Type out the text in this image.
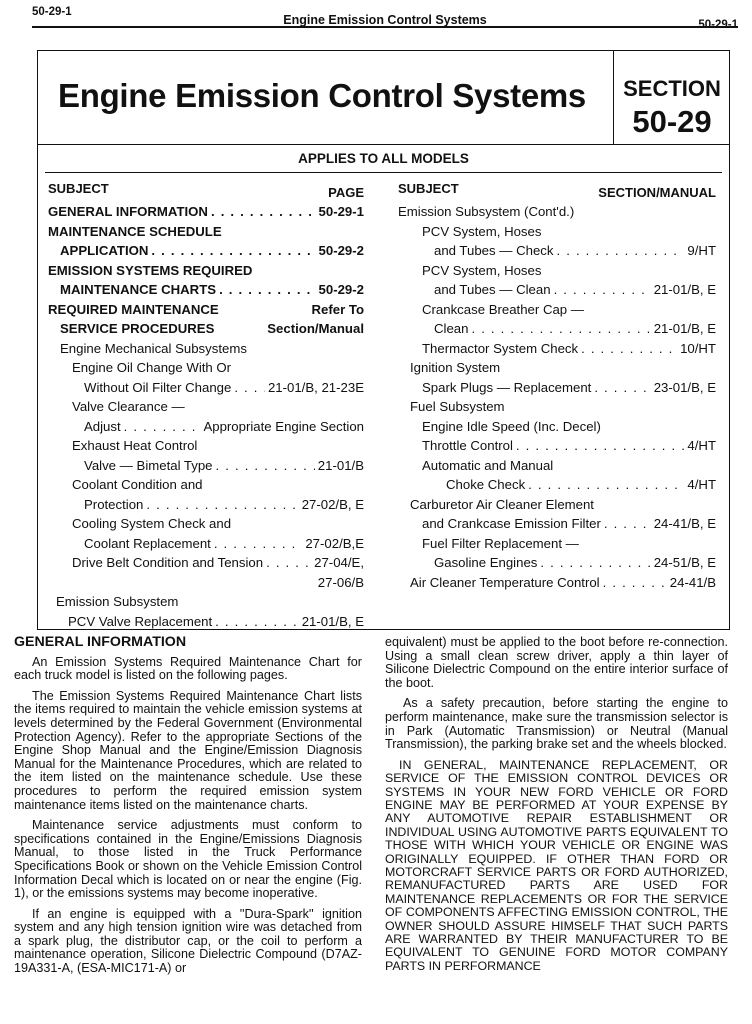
50-29-1
Engine Emission Control Systems	50-29-1
Engine Emission Control Systems	SECTION
50-29
APPLIES TO ALL MODELS
SUBJECT	PAGE
GENERAL INFORMATION . . .	50-29-1
MAINTENANCE SCHEDULE
APPLICATION . . .	50-29-2
EMISSION SYSTEMS REQUIRED
MAINTENANCE CHARTS . . .	50-29-2
REQUIRED MAINTENANCE	Refer To
SERVICE PROCEDURES	Section/Manual
Engine Mechanical Subsystems
Engine Oil Change With Or
Without Oil Filter Change . . .	21-01/B, 21-23E
Valve Clearance —
Adjust . . .	Appropriate Engine Section
Exhaust Heat Control
Valve — Bimetal Type . . .	21-01/B
Coolant Condition and
Protection . . .	27-02/B, E
Cooling System Check and
Coolant Replacement . . .	27-02/B,E
Drive Belt Condition and Tension . . .	27-04/E,
27-06/B
Emission Subsystem
PCV Valve Replacement . . .	21-01/B, E
SUBJECT	SECTION/MANUAL
Emission Subsystem (Cont'd.)
PCV System, Hoses
and Tubes — Check . . .	9/HT
PCV System, Hoses
and Tubes — Clean . . .	21-01/B, E
Crankcase Breather Cap —
Clean . . .	21-01/B, E
Thermactor System Check . . .	10/HT
Ignition System
Spark Plugs — Replacement . . .	23-01/B, E
Fuel Subsystem
Engine Idle Speed (Inc. Decel)
Throttle Control . . .	4/HT
Automatic and Manual
Choke Check . . .	4/HT
Carburetor Air Cleaner Element
and Crankcase Emission Filter . . .	24-41/B, E
Fuel Filter Replacement —
Gasoline Engines . . .	24-51/B, E
Air Cleaner Temperature Control . . .	24-41/B
GENERAL INFORMATION

An Emission Systems Required Maintenance Chart for each truck model is listed on the following pages.

The Emission Systems Required Maintenance Chart lists the items required to maintain the vehicle emission systems at levels determined by the Federal Government (Environmental Protection Agency). Refer to the appropriate Sections of the Engine Shop Manual and the Engine/Emission Diagnosis Manual for the Maintenance Procedures, which are related to the item listed on the maintenance schedule. Use these procedures to perform the required emission system maintenance items listed on the maintenance charts.

Maintenance service adjustments must conform to specifications contained in the Engine/Emissions Diagnosis Manual, to those listed in the Truck Performance Specifications Book or shown on the Vehicle Emission Control Information Decal which is located on or near the engine (Fig. 1), or the emissions systems may become inoperative.

If an engine is equipped with a ''Dura-Spark'' ignition system and any high tension ignition wire was detached from a spark plug, the distributor cap, or the coil to perform a maintenance operation, Silicone Dielectric Compound (D7AZ-19A331-A, (ESA-MIC171-A) or

equivalent) must be applied to the boot before re-connection. Using a small clean screw driver, apply a thin layer of Silicone Dielectric Compound on the entire interior surface of the boot.

As a safety precaution, before starting the engine to perform maintenance, make sure the transmission selector is in Park (Automatic Transmission) or Neutral (Manual Transmission), the parking brake set and the wheels blocked.

IN GENERAL, MAINTENANCE REPLACEMENT, OR SERVICE OF THE EMISSION CONTROL DEVICES OR SYSTEMS IN YOUR NEW FORD VEHICLE OR FORD ENGINE MAY BE PERFORMED AT YOUR EXPENSE BY ANY AUTOMOTIVE REPAIR ESTABLISHMENT OR INDIVIDUAL USING AUTOMOTIVE PARTS EQUIVALENT TO THOSE WITH WHICH YOUR VEHICLE OR ENGINE WAS ORIGINALLY EQUIPPED. IF OTHER THAN FORD OR MOTORCRAFT SERVICE PARTS OR FORD AUTHORIZED, REMANUFACTURED PARTS ARE USED FOR MAINTENANCE REPLACEMENTS OR FOR THE SERVICE OF COMPONENTS AFFECTING EMISSION CONTROL, THE OWNER SHOULD ASSURE HIMSELF THAT SUCH PARTS ARE WARRANTED BY THEIR MANUFACTURER TO BE EQUIVALENT TO GENUINE FORD MOTOR COMPANY PARTS IN PERFORMANCE
